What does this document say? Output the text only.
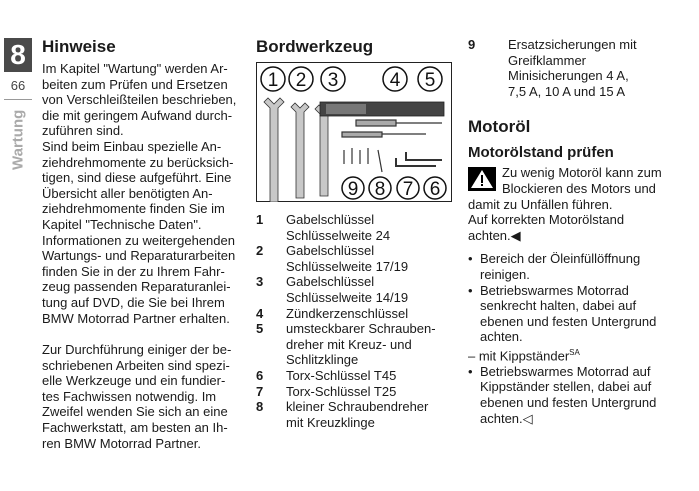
8
66
Wartung
Hinweise

Im Kapitel "Wartung" werden Ar-

beiten zum Prüfen und Ersetzen

von Verschleißteilen beschrieben,

die mit geringem Aufwand durch-

zuführen sind.

Sind beim Einbau spezielle An-

ziehdrehmomente zu berücksich-

tigen, sind diese aufgeführt. Eine

Übersicht aller benötigten An-

ziehdrehmomente finden Sie im

Kapitel "Technische Daten".

Informationen zu weitergehenden

Wartungs- und Reparaturarbeiten

finden Sie in der zu Ihrem Fahr-

zeug passenden Reparaturanlei-

tung auf DVD, die Sie bei Ihrem

BMW Motorrad Partner erhalten.

Zur Durchführung einiger der be-

schriebenen Arbeiten sind spezi-

elle Werkzeuge und ein fundier-

tes Fachwissen notwendig. Im

Zweifel wenden Sie sich an eine

Fachwerkstatt, am besten an Ih-

ren BMW Motorrad Partner.

Bordwerkzeug
1 2 3	4 5
6
7
8
9
1	Gabelschlüssel
Schlüsselweite 24
2	Gabelschlüssel
Schlüsselweite 17/19
3	Gabelschlüssel
Schlüsselweite 14/19
4	Zündkerzenschlüssel
5	umsteckbarer Schrauben-
dreher mit Kreuz- und
Schlitzklinge
6	Torx-Schlüssel T45
7	Torx-Schlüssel T25
8	kleiner Schraubendreher
mit Kreuzklinge
9	Ersatzsicherungen mit
Greifklammer
Minisicherungen 4 A,
7,5 A, 10 A und 15 A
Motoröl
Motorölstand prüfen

Zu wenig Motoröl kann zum

Blockieren des Motors und

damit zu Unfällen führen.

Auf korrekten Motorölstand

achten.◀

• Bereich der Öleinfüllöffnung
reinigen.
• Betriebswarmes Motorrad
senkrecht halten, dabei auf
ebenen und festen Untergrund
achten.
– mit Kippständer$^{SA}$
• Betriebswarmes Motorrad auf
Kippständer stellen, dabei auf
ebenen und festen Untergrund
achten.◁
